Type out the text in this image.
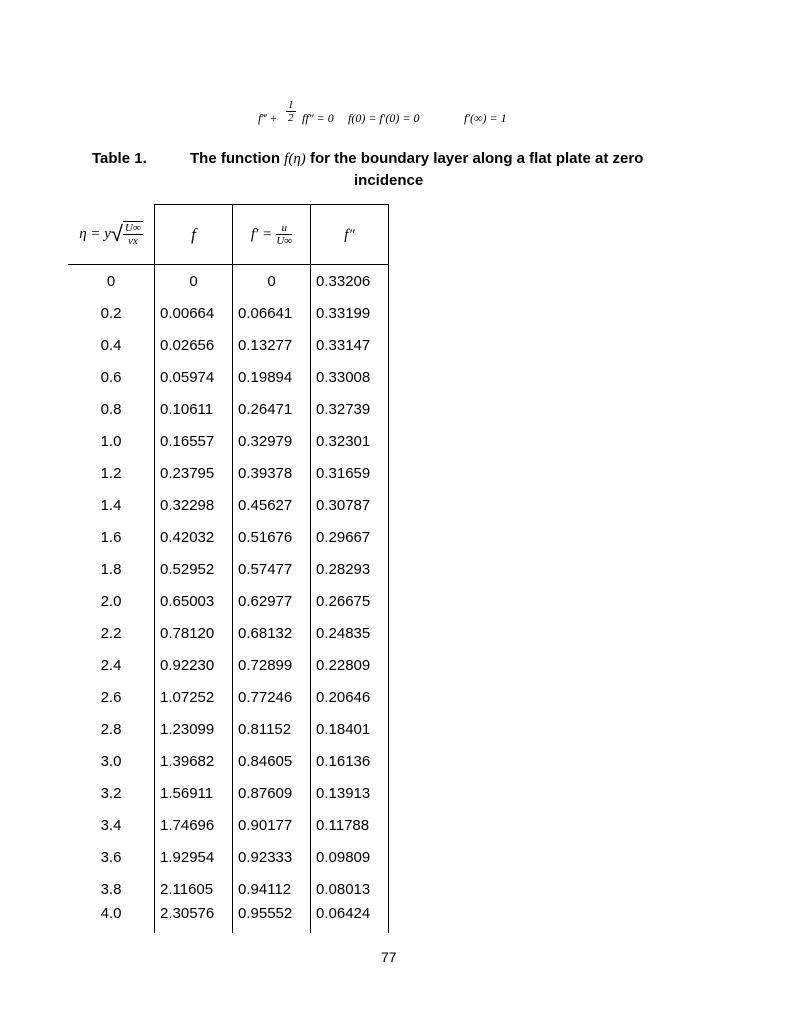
f‴ + $\frac{1}{2} ff'' = 0$ f(0) = f′(0) = 0	f′(∞) = 1
Table 1.	The function f(η) for the boundary layer along a flat plate at zero
incidence
$\eta = y√ \frac{U\infty}{\nu x}$	f	$f' = \frac{u}{U\infty}$	f″
0	0	0	0.33206
0.2	0.00664	0.06641	0.33199
0.4	0.02656	0.13277	0.33147
0.6	0.05974	0.19894	0.33008
0.8	0.10611	0.26471	0.32739
1.0	0.16557	0.32979	0.32301
1.2	0.23795	0.39378	0.31659
1.4	0.32298	0.45627	0.30787
1.6	0.42032	0.51676	0.29667
1.8	0.52952	0.57477	0.28293
2.0	0.65003	0.62977	0.26675
2.2	0.78120	0.68132	0.24835
2.4	0.92230	0.72899	0.22809
2.6	1.07252	0.77246	0.20646
2.8	1.23099	0.81152	0.18401
3.0	1.39682	0.84605	0.16136
3.2	1.56911	0.87609	0.13913
3.4	1.74696	0.90177	0.11788
3.6	1.92954	0.92333	0.09809
3.8	2.11605	0.94112	0.08013
4.0	2.30576	0.95552	0.06424
77
